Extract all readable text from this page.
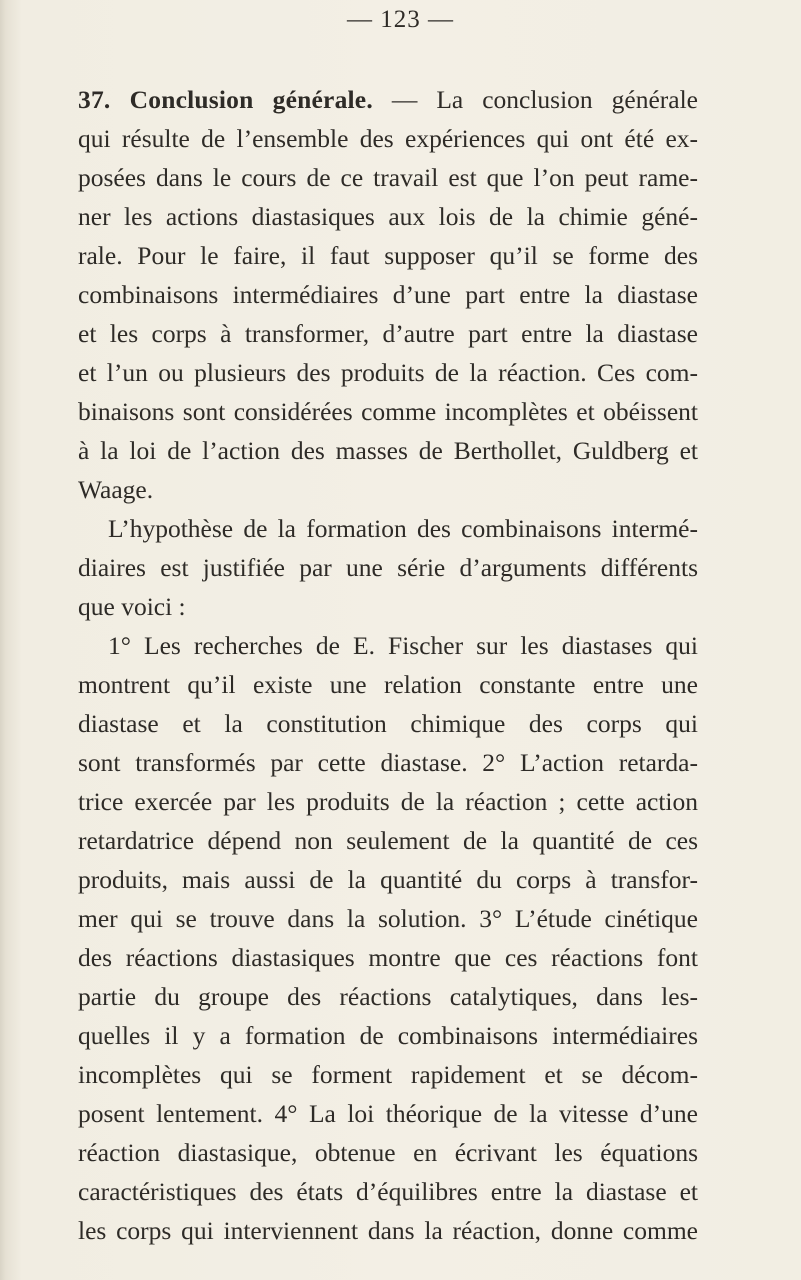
— 123 —
37. Conclusion générale. — La conclusion générale
qui résulte de l’ensemble des expériences qui ont été ex-
posées dans le cours de ce travail est que l’on peut rame-
ner les actions diastasiques aux lois de la chimie géné-
rale. Pour le faire, il faut supposer qu’il se forme des
combinaisons intermédiaires d’une part entre la diastase
et les corps à transformer, d’autre part entre la diastase
et l’un ou plusieurs des produits de la réaction. Ces com-
binaisons sont considérées comme incomplètes et obéissent
à la loi de l’action des masses de Berthollet, Guldberg et
Waage.
L’hypothèse de la formation des combinaisons intermé-
diaires est justifiée par une série d’arguments différents
que voici :
1° Les recherches de E. Fischer sur les diastases qui
montrent qu’il existe une relation constante entre une
diastase et la constitution chimique des corps qui
sont transformés par cette diastase. 2° L’action retarda-
trice exercée par les produits de la réaction ; cette action
retardatrice dépend non seulement de la quantité de ces
produits, mais aussi de la quantité du corps à transfor-
mer qui se trouve dans la solution. 3° L’étude cinétique
des réactions diastasiques montre que ces réactions font
partie du groupe des réactions catalytiques, dans les-
quelles il y a formation de combinaisons intermédiaires
incomplètes qui se forment rapidement et se décom-
posent lentement. 4° La loi théorique de la vitesse d’une
réaction diastasique, obtenue en écrivant les équations
caractéristiques des états d’équilibres entre la diastase et
les corps qui interviennent dans la réaction, donne comme
